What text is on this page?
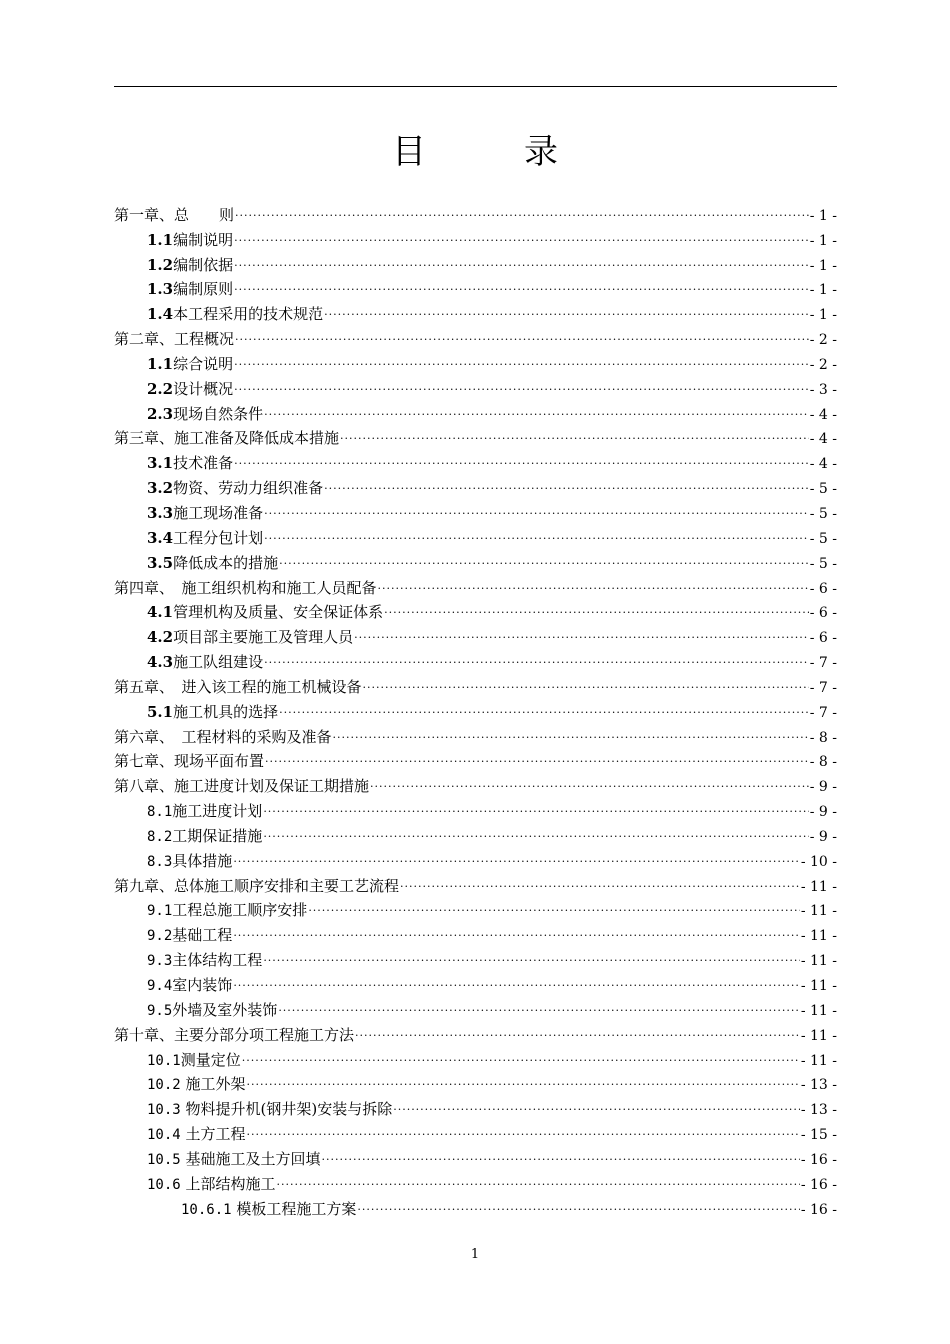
目录
第一章、总　　则 .....	- 1 -
1.1 编制说明 .....	- 1 -
1.2 编制依据 .....	- 1 -
1.3 编制原则 .....	- 1 -
1.4 本工程采用的技术规范 .....	- 1 -
第二章、工程概况 .....	- 2 -
1.1 综合说明 .....	- 2 -
2.2 设计概况 .....	- 3 -
2.3 现场自然条件 .....	- 4 -
第三章、施工准备及降低成本措施 .....	- 4 -
3.1 技术准备 .....	- 4 -
3.2 物资、劳动力组织准备 .....	- 5 -
3.3 施工现场准备 .....	- 5 -
3.4 工程分包计划 .....	- 5 -
3.5 降低成本的措施 .....	- 5 -
第四章、　施工组织机构和施工人员配备 .....	- 6 -
4.1 管理机构及质量、安全保证体系 .....	- 6 -
4.2 项目部主要施工及管理人员 .....	- 6 -
4.3 施工队组建设 .....	- 7 -
第五章、　进入该工程的施工机械设备 .....	- 7 -
5.1 施工机具的选择 .....	- 7 -
第六章、　工程材料的采购及准备 .....	- 8 -
第七章、现场平面布置 .....	- 8 -
第八章、施工进度计划及保证工期措施 .....	- 9 -
8.1 施工进度计划 .....	- 9 -
8.2 工期保证措施 .....	- 9 -
8.3 具体措施 .....	- 10 -
第九章、总体施工顺序安排和主要工艺流程 .....	- 11 -
9.1 工程总施工顺序安排 .....	- 11 -
9.2 基础工程 .....	- 11 -
9.3 主体结构工程 .....	- 11 -
9.4 室内装饰 .....	- 11 -
9.5 外墙及室外装饰 .....	- 11 -
第十章、主要分部分项工程施工方法 .....	- 11 -
10.1 测量定位 .....	- 11 -
10.2 施工外架 .....	- 13 -
10.3 物料提升机(钢井架)安装与拆除 .....	- 13 -
10.4 土方工程 .....	- 15 -
10.5 基础施工及土方回填 .....	- 16 -
10.6 上部结构施工 .....	- 16 -
10.6.1 模板工程施工方案 .....	- 16 -
1
